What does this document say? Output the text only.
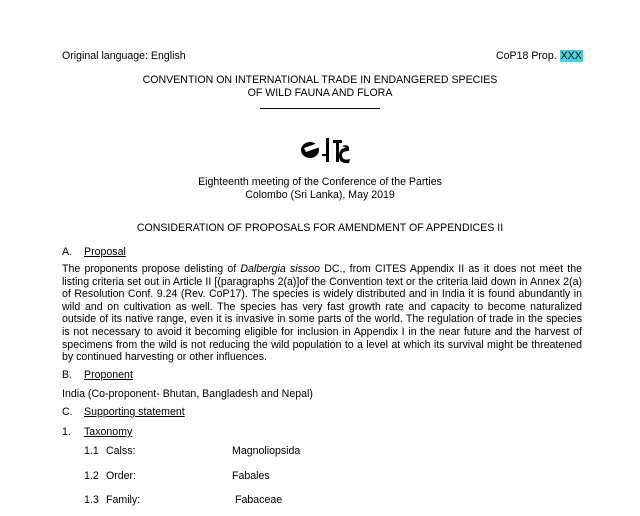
Original language: English	CoP18 Prop. XXX
CONVENTION ON INTERNATIONAL TRADE IN ENDANGERED SPECIES
OF WILD FAUNA AND FLORA
Eighteenth meeting of the Conference of the Parties
Colombo (Sri Lanka), May 2019
CONSIDERATION OF PROPOSALS FOR AMENDMENT OF APPENDICES II
A. Proposal
The proponents propose delisting of Dalbergia sissoo DC., from CITES Appendix II as it does not meet the listing criteria set out in Article II [(paragraphs 2(a)]of the Convention text or the criteria laid down in Annex 2(a) of Resolution Conf. 9.24 (Rev. CoP17). The species is widely distributed and in India it is found abundantly in wild and on cultivation as well. The species has very fast growth rate and capacity to become naturalized outside of its native range, even it is invasive in some parts of the world. The regulation of trade in the species is not necessary to avoid it becoming eligible for inclusion in Appendix I in the near future and the harvest of specimens from the wild is not reducing the wild population to a level at which its survival might be threatened by continued harvesting or other influences.
B. Proponent
India (Co-proponent- Bhutan, Bangladesh and Nepal)
C. Supporting statement
1. Taxonomy
1.1 Calss:	Magnoliopsida
1.2 Order:	Fabales
1.3 Family:	Fabaceae
